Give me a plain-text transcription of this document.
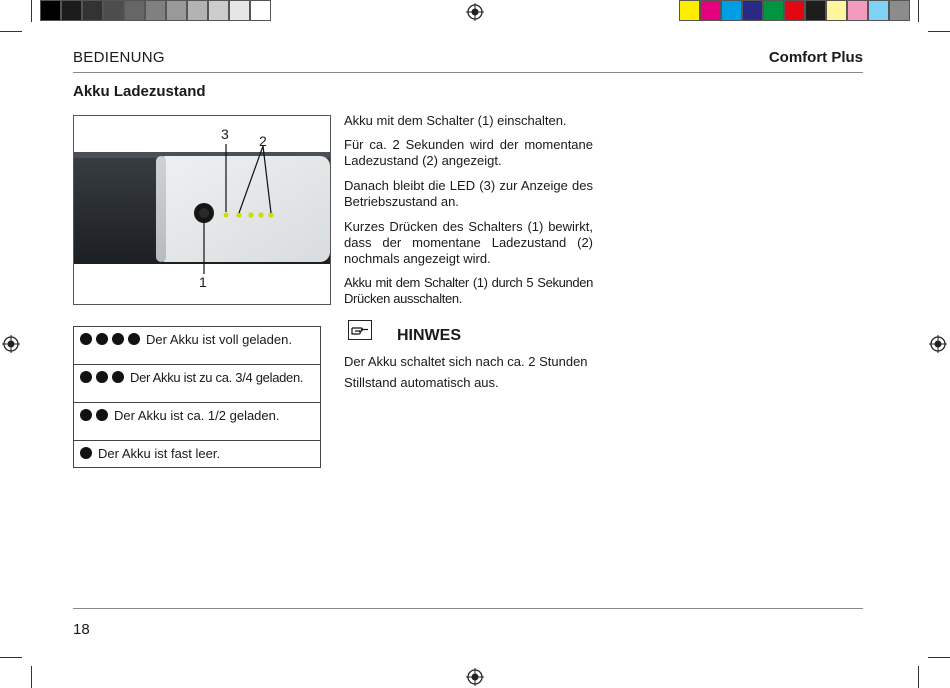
BEDIENUNG	Comfort Plus
Akku Ladezustand
3 2
1
Der Akku ist voll geladen.
Der Akku ist zu ca. 3/4 geladen.
Der Akku ist ca. 1/2 geladen.
Der Akku ist fast leer.
Akku mit dem Schalter (1) einschalten.

Für ca. 2 Sekunden wird der momentane Ladezustand (2) angezeigt.

Danach bleibt die LED (3) zur Anzeige des Betriebszustand an.

Kurzes Drücken des Schalters (1) bewirkt, dass der momentane Ladezustand (2) nochmals angezeigt wird.

Akku mit dem Schalter (1) durch 5 Sekunden Drücken ausschalten.

HINWES
Der Akku schaltet sich nach ca. 2 Stunden
Stillstand automatisch aus.
18
